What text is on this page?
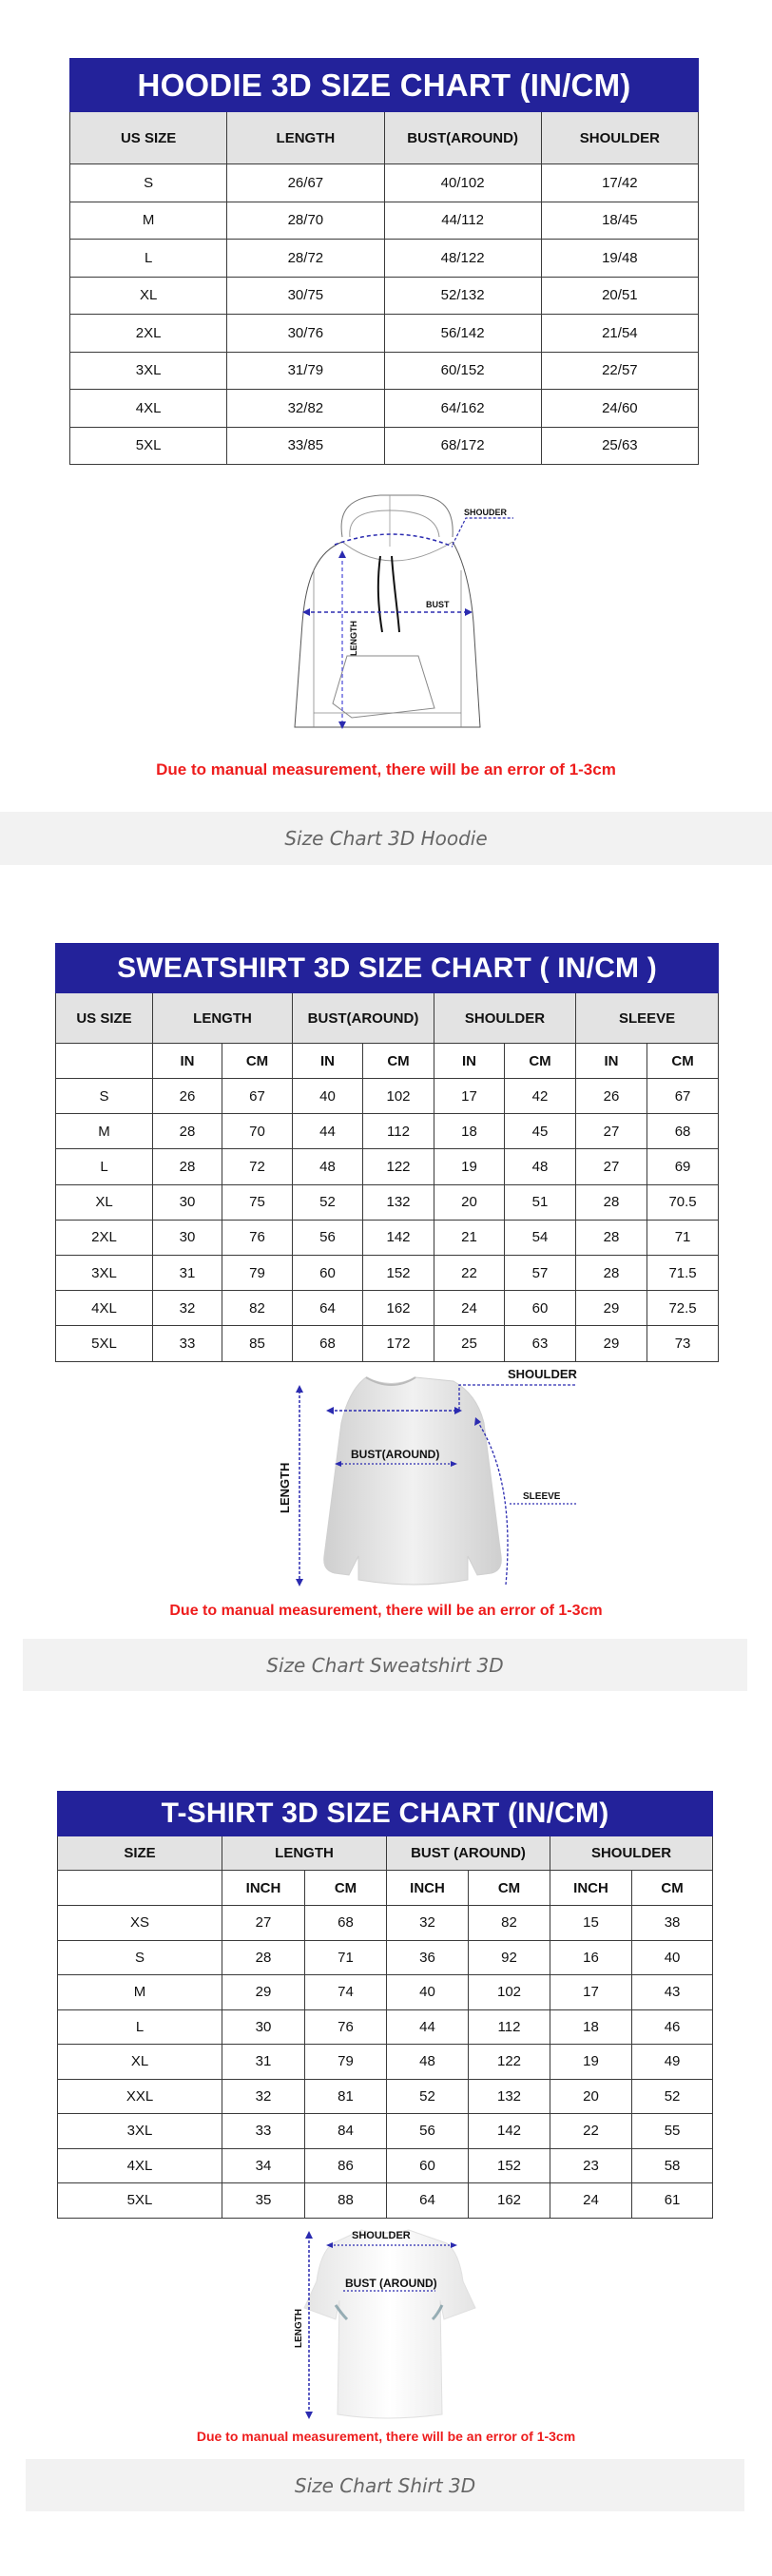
HOODIE 3D SIZE CHART (IN/CM)			
US SIZE	LENGTH	BUST(AROUND)	SHOULDER
S	26/67	40/102	17/42
M	28/70	44/112	18/45
L	28/72	48/122	19/48
XL	30/75	52/132	20/51
2XL	30/76	56/142	21/54
3XL	31/79	60/152	22/57
4XL	32/82	64/162	24/60
5XL	33/85	68/172	25/63
SHOUDER
BUST
LENGTH
Due to manual measurement, there will be an error of 1-3cm
Size Chart 3D Hoodie
SWEATSHIRT 3D SIZE CHART ( IN/CM )								
US SIZE	LENGTH		BUST(AROUND)		SHOULDER		SLEEVE	
	IN	CM	IN	CM	IN	CM	IN	CM
S	26	67	40	102	17	42	26	67
M	28	70	44	112	18	45	27	68
L	28	72	48	122	19	48	27	69
XL	30	75	52	132	20	51	28	70.5
2XL	30	76	56	142	21	54	28	71
3XL	31	79	60	152	22	57	28	71.5
4XL	32	82	64	162	24	60	29	72.5
5XL	33	85	68	172	25	63	29	73
SHOULDER
BUST(AROUND)
SLEEVE
LENGTH
Due to manual measurement, there will be an error of 1-3cm
Size Chart Sweatshirt 3D
T-SHIRT 3D SIZE CHART (IN/CM)						
SIZE	LENGTH		BUST (AROUND)		SHOULDER	
	INCH	CM	INCH	CM	INCH	CM
XS	27	68	32	82	15	38
S	28	71	36	92	16	40
M	29	74	40	102	17	43
L	30	76	44	112	18	46
XL	31	79	48	122	19	49
XXL	32	81	52	132	20	52
3XL	33	84	56	142	22	55
4XL	34	86	60	152	23	58
5XL	35	88	64	162	24	61
SHOULDER
BUST (AROUND)
LENGTH
Due to manual measurement, there will be an error of 1-3cm
Size Chart Shirt 3D
